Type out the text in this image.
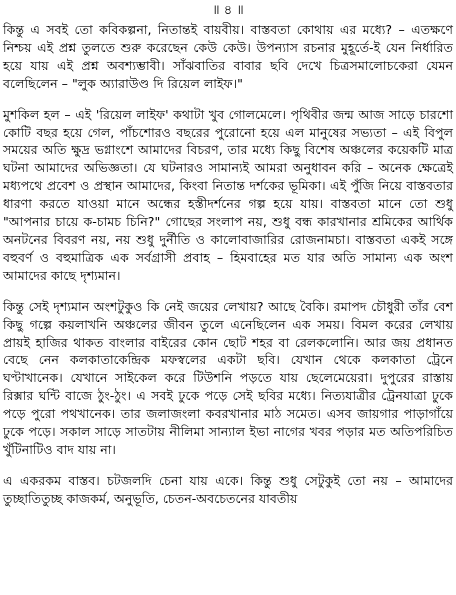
॥ ৪ ॥

কিন্তু এ সবই তো কবিকল্পনা, নিতান্তই বায়বীয়। বাস্তবতা কোথায় এর মধ্যে? – এতক্ষণে নিশ্চয় এই প্রশ্ন তুলতে শুরু করেছেন কেউ কেউ। উপন্যাস রচনার মুহূর্তে-ই যেন নির্ধারিত হয়ে যায় এই প্রশ্ন অবশ্যম্ভাবী। সাঁঝবাতির বাবার ছবি দেখে চিত্রসমালোচকেরা যেমন বলেছিলেন – "লুক অ্যারাউণ্ড দি রিয়েল লাইফ।"

মুশকিল হল – এই 'রিয়েল লাইফ' কথাটা খুব গোলমেলে। পৃথিবীর জন্ম আজ সাড়ে চারশো কোটি বছর হয়ে গেল, পাঁচশোরও বছরের পুরোনো হয়ে এল মানুষের সভ্যতা – এই বিপুল সময়ের অতি ক্ষুদ্র ভগ্নাংশে আমাদের বিচরণ, তার মধ্যে কিছু বিশেষ অঞ্চলের কয়েকটি মাত্র ঘটনা আমাদের অভিজ্ঞতা। যে ঘটনারও সামান্যই আমরা অনুধাবন করি – অনেক ক্ষেত্রেই মধ্যপথে প্রবেশ ও প্রস্থান আমাদের, কিংবা নিতান্ত দর্শকের ভূমিকা। এই পুঁজি নিয়ে বাস্তবতার ধারণা করতে যাওয়া মানে অন্ধের হস্তীদর্শনের গল্প হয়ে যায়। বাস্তবতা মানে তো শুধু "আপনার চায়ে ক-চামচ চিনি?" গোছের সংলাপ নয়, শুধু বন্ধ কারখানার শ্রমিকের আর্থিক অনটনের বিবরণ নয়, নয় শুধু দুর্নীতি ও কালোবাজারির রোজনামচা। বাস্তবতা একই সঙ্গে বহুবর্ণ ও বহুমাত্রিক এক সর্বগ্রাসী প্রবাহ – হিমবাহের মত যার অতি সামান্য এক অংশ আমাদের কাছে দৃশ্যমান।

কিন্তু সেই দৃশ্যমান অংশটুকুও কি নেই জয়ের লেখায়? আছে বৈকি। রমাপদ চৌধুরী তাঁর বেশ কিছু গল্পে কয়লাখনি অঞ্চলের জীবন তুলে এনেছিলেন এক সময়। বিমল করের লেখায় প্রায়ই হাজির থাকত বাংলার বাইরের কোন ছোট শহর বা রেলকলোনি। আর জয় প্রধানত বেছে নেন কলকাতাকেন্দ্রিক মফস্বলের একটা ছবি। যেখান থেকে কলকাতা ট্রেনে ঘণ্টাখানেক। যেখানে সাইকেল করে টিউশনি পড়তে যায় ছেলেমেয়েরা। দুপুরের রাস্তায় রিক্সার ঘন্টি বাজে ঠুং-ঠুং। এ সবই ঢুকে পড়ে সেই ছবির মধ্যে। নিত্যযাত্রীর ট্রেনযাত্রা ঢুকে পড়ে পুরো পথখানেক। তার জলাজংলা কবরখানার মাঠ সমেত। এসব জায়গার পাড়াগাঁয়ে ঢুকে পড়ে। সকাল সাড়ে সাতটায় নীলিমা সান্যাল ইভা নাগের খবর পড়ার মত অতিপরিচিত খুঁটিনাটিও বাদ যায় না।

এ একরকম বাস্তব। চটজলদি চেনা যায় একে। কিন্তু শুধু সেটুকুই তো নয় – আমাদের তুচ্ছাতিতুচ্ছ কাজকর্ম, অনুভূতি, চেতন-অবচেতনের যাবতীয়
